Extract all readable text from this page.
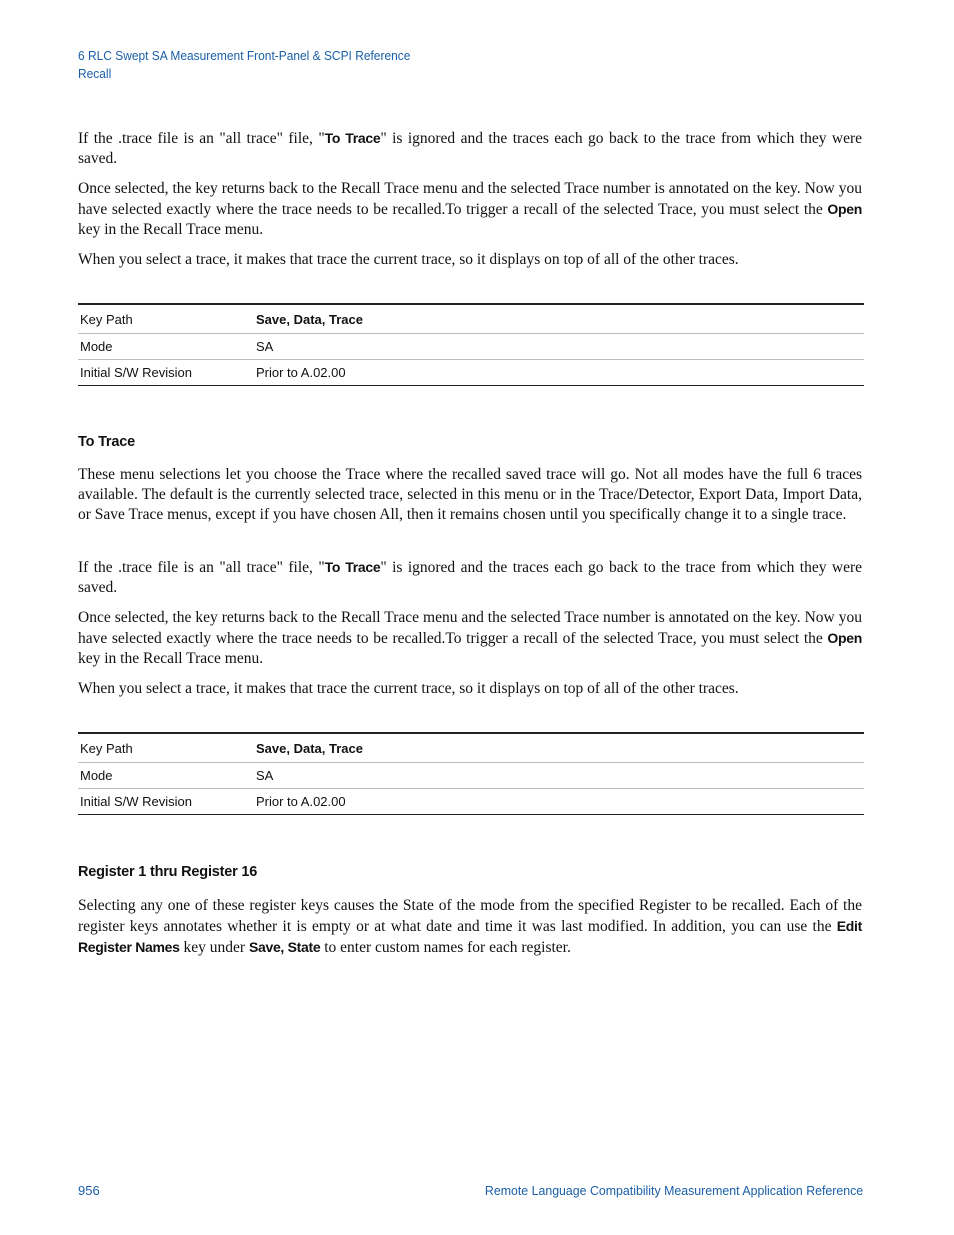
6 RLC Swept SA Measurement Front-Panel & SCPI Reference
Recall

If the .trace file is an "all trace" file, "To Trace" is ignored and the traces each go back to the trace from which they were saved.

Once selected, the key returns back to the Recall Trace menu and the selected Trace number is annotated on the key. Now you have selected exactly where the trace needs to be recalled.To trigger a recall of the selected Trace, you must select the Open key in the Recall Trace menu.

When you select a trace, it makes that trace the current trace, so it displays on top of all of the other traces.

Key Path	Save, Data, Trace
Mode	SA
Initial S/W Revision	Prior to A.02.00
To Trace

These menu selections let you choose the Trace where the recalled saved trace will go. Not all modes have the full 6 traces available. The default is the currently selected trace, selected in this menu or in the Trace/Detector, Export Data, Import Data, or Save Trace menus, except if you have chosen All, then it remains chosen until you specifically change it to a single trace.

If the .trace file is an "all trace" file, "To Trace" is ignored and the traces each go back to the trace from which they were saved.

Once selected, the key returns back to the Recall Trace menu and the selected Trace number is annotated on the key. Now you have selected exactly where the trace needs to be recalled.To trigger a recall of the selected Trace, you must select the Open key in the Recall Trace menu.

When you select a trace, it makes that trace the current trace, so it displays on top of all of the other traces.

Key Path	Save, Data, Trace
Mode	SA
Initial S/W Revision	Prior to A.02.00
Register 1 thru Register 16

Selecting any one of these register keys causes the State of the mode from the specified Register to be recalled. Each of the register keys annotates whether it is empty or at what date and time it was last modified. In addition, you can use the Edit Register Names key under Save, State to enter custom names for each register.

956	Remote Language Compatibility Measurement Application Reference
